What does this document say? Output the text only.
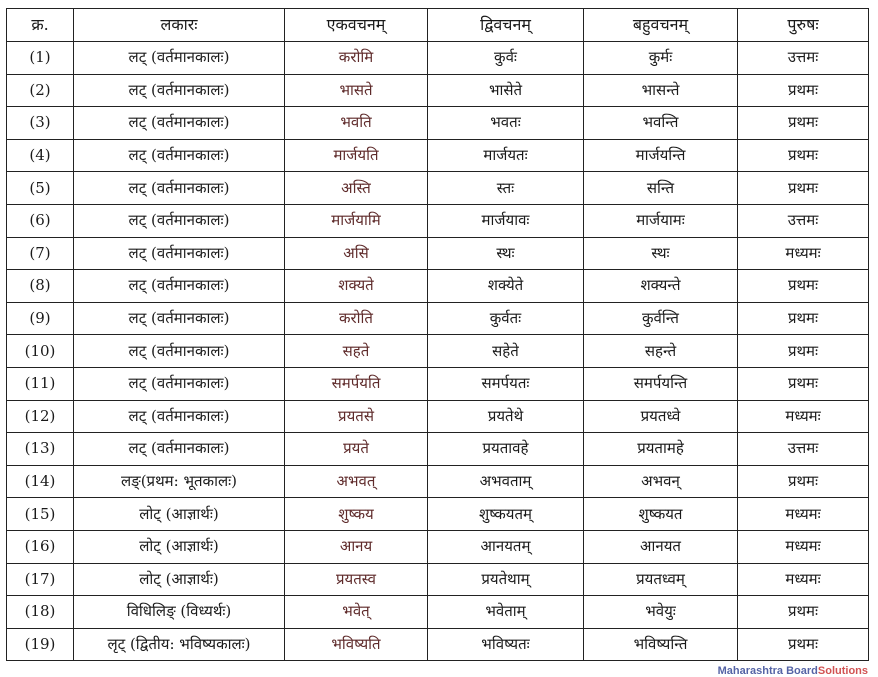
क्र.	लकारः	एकवचनम्	द्विवचनम्	बहुवचनम्	पुरुषः
(1)	लट् (वर्तमानकालः)	करोमि	कुर्वः	कुर्मः	उत्तमः
(2)	लट् (वर्तमानकालः)	भासते	भासेते	भासन्ते	प्रथमः
(3)	लट् (वर्तमानकालः)	भवति	भवतः	भवन्ति	प्रथमः
(4)	लट् (वर्तमानकालः)	मार्जयति	मार्जयतः	मार्जयन्ति	प्रथमः
(5)	लट् (वर्तमानकालः)	अस्ति	स्तः	सन्ति	प्रथमः
(6)	लट् (वर्तमानकालः)	मार्जयामि	मार्जयावः	मार्जयामः	उत्तमः
(7)	लट् (वर्तमानकालः)	असि	स्थः	स्थः	मध्यमः
(8)	लट् (वर्तमानकालः)	शक्यते	शक्येते	शक्यन्ते	प्रथमः
(9)	लट् (वर्तमानकालः)	करोति	कुर्वतः	कुर्वन्ति	प्रथमः
(10)	लट् (वर्तमानकालः)	सहते	सहेते	सहन्ते	प्रथमः
(11)	लट् (वर्तमानकालः)	समर्पयति	समर्पयतः	समर्पयन्ति	प्रथमः
(12)	लट् (वर्तमानकालः)	प्रयतसे	प्रयतेथे	प्रयतध्वे	मध्यमः
(13)	लट् (वर्तमानकालः)	प्रयते	प्रयतावहे	प्रयतामहे	उत्तमः
(14)	लङ्(प्रथम: भूतकालः)	अभवत्	अभवताम्	अभवन्	प्रथमः
(15)	लोट् (आज्ञार्थः)	शुष्कय	शुष्कयतम्	शुष्कयत	मध्यमः
(16)	लोट् (आज्ञार्थः)	आनय	आनयतम्	आनयत	मध्यमः
(17)	लोट् (आज्ञार्थः)	प्रयतस्व	प्रयतेथाम्	प्रयतध्वम्	मध्यमः
(18)	विधिलिङ् (विध्यर्थः)	भवेत्	भवेताम्	भवेयुः	प्रथमः
(19)	लृट् (द्वितीय: भविष्यकालः)	भविष्यति	भविष्यतः	भविष्यन्ति	प्रथमः
Maharashtra BoardSolutions
